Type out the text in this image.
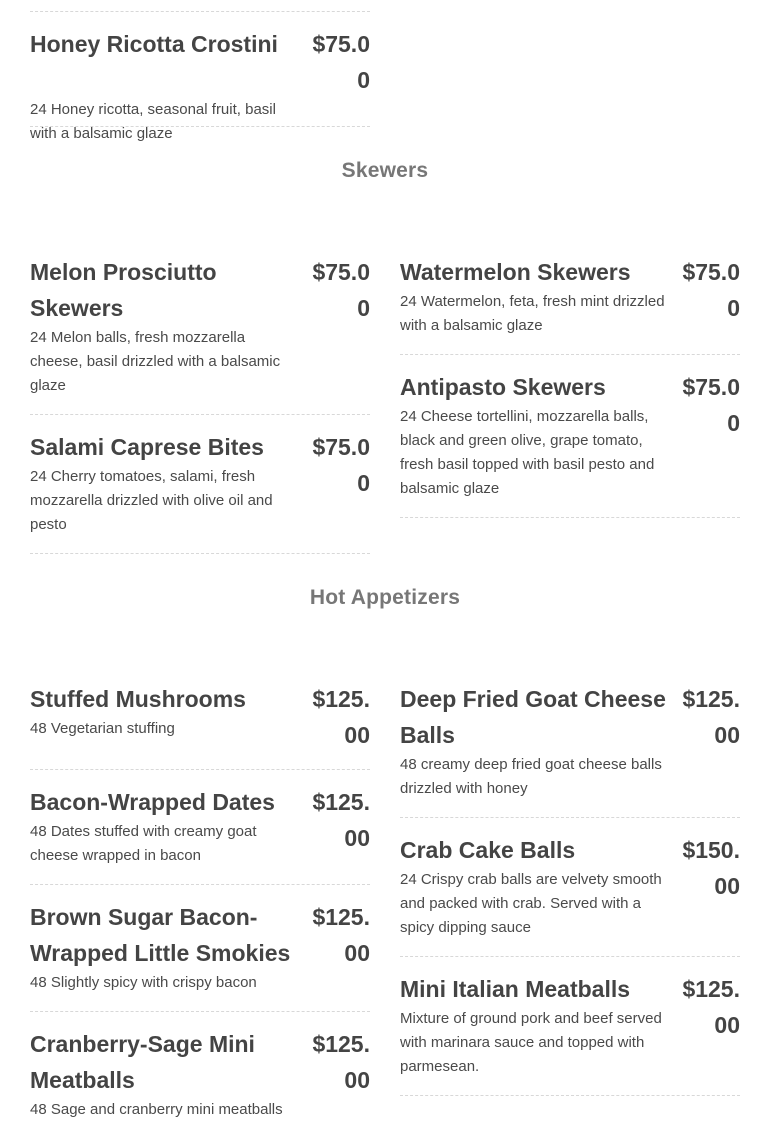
Honey Ricotta Crostini	$75.00

24 Honey ricotta, seasonal fruit, basil with a balsamic glaze

Skewers
Melon Prosciutto Skewers
$75.00

24 Melon balls, fresh mozzarella cheese, basil drizzled with a balsamic glaze

Watermelon Skewers	$75.00

24 Watermelon, feta, fresh mint drizzled with a balsamic glaze

Antipasto Skewers	$75.00

24 Cheese tortellini, mozzarella balls, black and green olive, grape tomato, fresh basil topped with basil pesto and balsamic glaze

Salami Caprese Bites	$75.00

24 Cherry tomatoes, salami, fresh mozzarella drizzled with olive oil and pesto

Hot Appetizers
Stuffed Mushrooms	$125.00

48 Vegetarian stuffing

Deep Fried Goat Cheese Balls
$125.00

48 creamy deep fried goat cheese balls  drizzled with honey

Bacon-Wrapped Dates	$125.00

48 Dates stuffed with creamy goat cheese wrapped in bacon	Crab Cake Balls	$150.00

24 Crispy crab balls are velvety smooth and packed with crab. Served with a spicy dipping sauce

Brown Sugar Bacon-Wrapped Little Smokies
$125.00

48 Slightly spicy with crispy bacon	Mini Italian Meatballs	$125.00

Mixture of ground pork and beef served with marinara sauce and topped with parmesean.

Cranberry-Sage Mini Meatballs
$125.00

48 Sage and cranberry mini meatballs
